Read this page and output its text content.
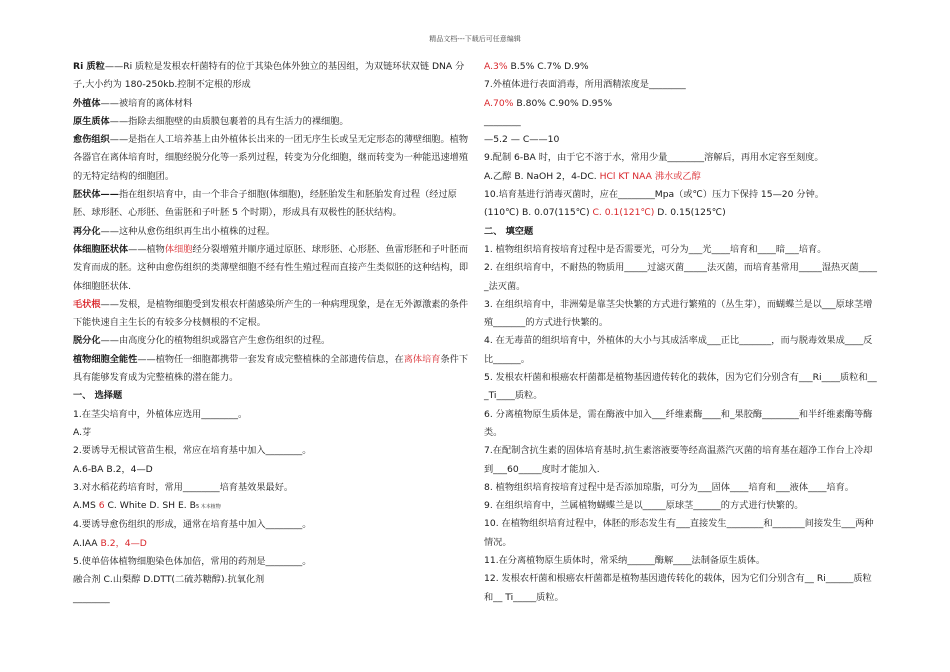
精品文档---下载后可任意编辑

Ri 质粒——Ri 质粒是发根农杆菌特有的位于其染色体外独立的基因组，为双链环状双链 DNA 分子,大小约为 180-250kb.控制不定根的形成

外植体——被培育的离体材料

原生质体——指除去细胞壁的由质膜包裹着的具有生活力的裸细胞。

愈伤组织——是指在人工培养基上由外植体长出来的一团无序生长或呈无定形态的薄壁细胞。植物各器官在离体培育时，细胞经脱分化等一系列过程，转变为分化细胞，继而转变为一种能迅速增殖的无特定结构的细胞团。

胚状体——指在组织培育中，由一个非合子细胞(体细胞)，经胚胎发生和胚胎发育过程（经过原胚、球形胚、心形胚、鱼雷胚和子叶胚 5 个时期），形成具有双极性的胚状结构。

再分化——这种从愈伤组织再生出小植株的过程。

体细胞胚状体——植物体细胞经分裂增殖并顺序通过原胚、球形胚、心形胚、鱼雷形胚和子叶胚而发育而成的胚。这种由愈伤组织的类薄壁细胞不经有性生殖过程而直接产生类似胚的这种结构，即体细胞胚状体.

毛状根——发根，是植物细胞受到发根农杆菌感染所产生的一种病理现象，是在无外源激素的条件下能快速自主生长的有较多分枝侧根的不定根。

脱分化——由高度分化的植物组织或器官产生愈伤组织的过程。

植物细胞全能性——植物任一细胞都携带一套发育成完整植株的全部遗传信息，在离体培育条件下具有能够发育成为完整植株的潜在能力。

一、 选择题

1.在茎尖培育中，外植体应选用________。

A.芽

2.要诱导无根试管苗生根，常应在培育基中加入________。

A.6-BA B.2，4—D

3.对水稻花药培育时，常用________培育基效果最好。

A.MS 6 C. White D. SH E. B5 木本植物

4.要诱导愈伤组织的形成，通常在培育基中加入________。

A.IAA B.2，4—D

5.使单倍体植物细胞染色体加倍，常用的药剂是________。

融合剂 C.山梨醇 D.DTT(二硫苏糖醇).抗氧化剂

________

A.3% B.5% C.7% D.9%

7.外植体进行表面消毒，所用酒精浓度是________

A.70% B.80% C.90% D.95%

________

—5.2 — C——10

9.配制 6-BA 时，由于它不溶于水，常用少量________溶解后，再用水定容至刻度。

A.乙醇 B. NaOH 2，4-DC. HCl KT NAA 沸水或乙醇

10.培育基进行消毒灭菌时，应在________Mpa（或℃）压力下保持 15—20 分钟。

(110℃) B. 0.07(115℃) C. 0.1(121℃) D. 0.15(125℃)

二、 填空题

1. 植物组织培育按培育过程中是否需要光，可分为___光____培育和____暗___培育。

2. 在组织培育中，不耐热的物质用_____过滤灭菌_____法灭菌，而培育基常用_____湿热灭菌_____法灭菌。

3. 在组织培育中，非洲菊是靠茎尖快繁的方式进行繁殖的（丛生芽），而蝴蝶兰是以___原球茎增殖_______的方式进行快繁的。

4. 在无毒苗的组织培育中，外植体的大小与其成活率成___正比_______，而与脱毒效果成____反比______。

5. 发根农杆菌和根癌农杆菌都是植物基因遗传转化的载体，因为它们分别含有___Ri____质粒和___Ti____质粒。

6. 分离植物原生质体是，需在酶液中加入___纤维素酶____和_果胶酶________和半纤维素酶等酶类。

7.在配制含抗生素的固体培育基时,抗生素溶液要等经高温蒸汽灭菌的培育基在超净工作台上冷却到___60_____度时才能加入.

8. 植物组织培育按培育过程中是否添加琼脂，可分为___固体____培育和___液体____培育。

9. 在组织培育中，兰属植物蝴蝶兰是以_____原球茎______的方式进行快繁的。

10. 在植物组织培育过程中，体胚的形态发生有___直接发生________和_______间接发生___两种情况。

11.在分离植物原生质体时，常采纳______酶解____法制备原生质体。

12. 发根农杆菌和根癌农杆菌都是植物基因遗传转化的载体，因为它们分别含有__ Ri______质粒和__ Ti_____质粒。
